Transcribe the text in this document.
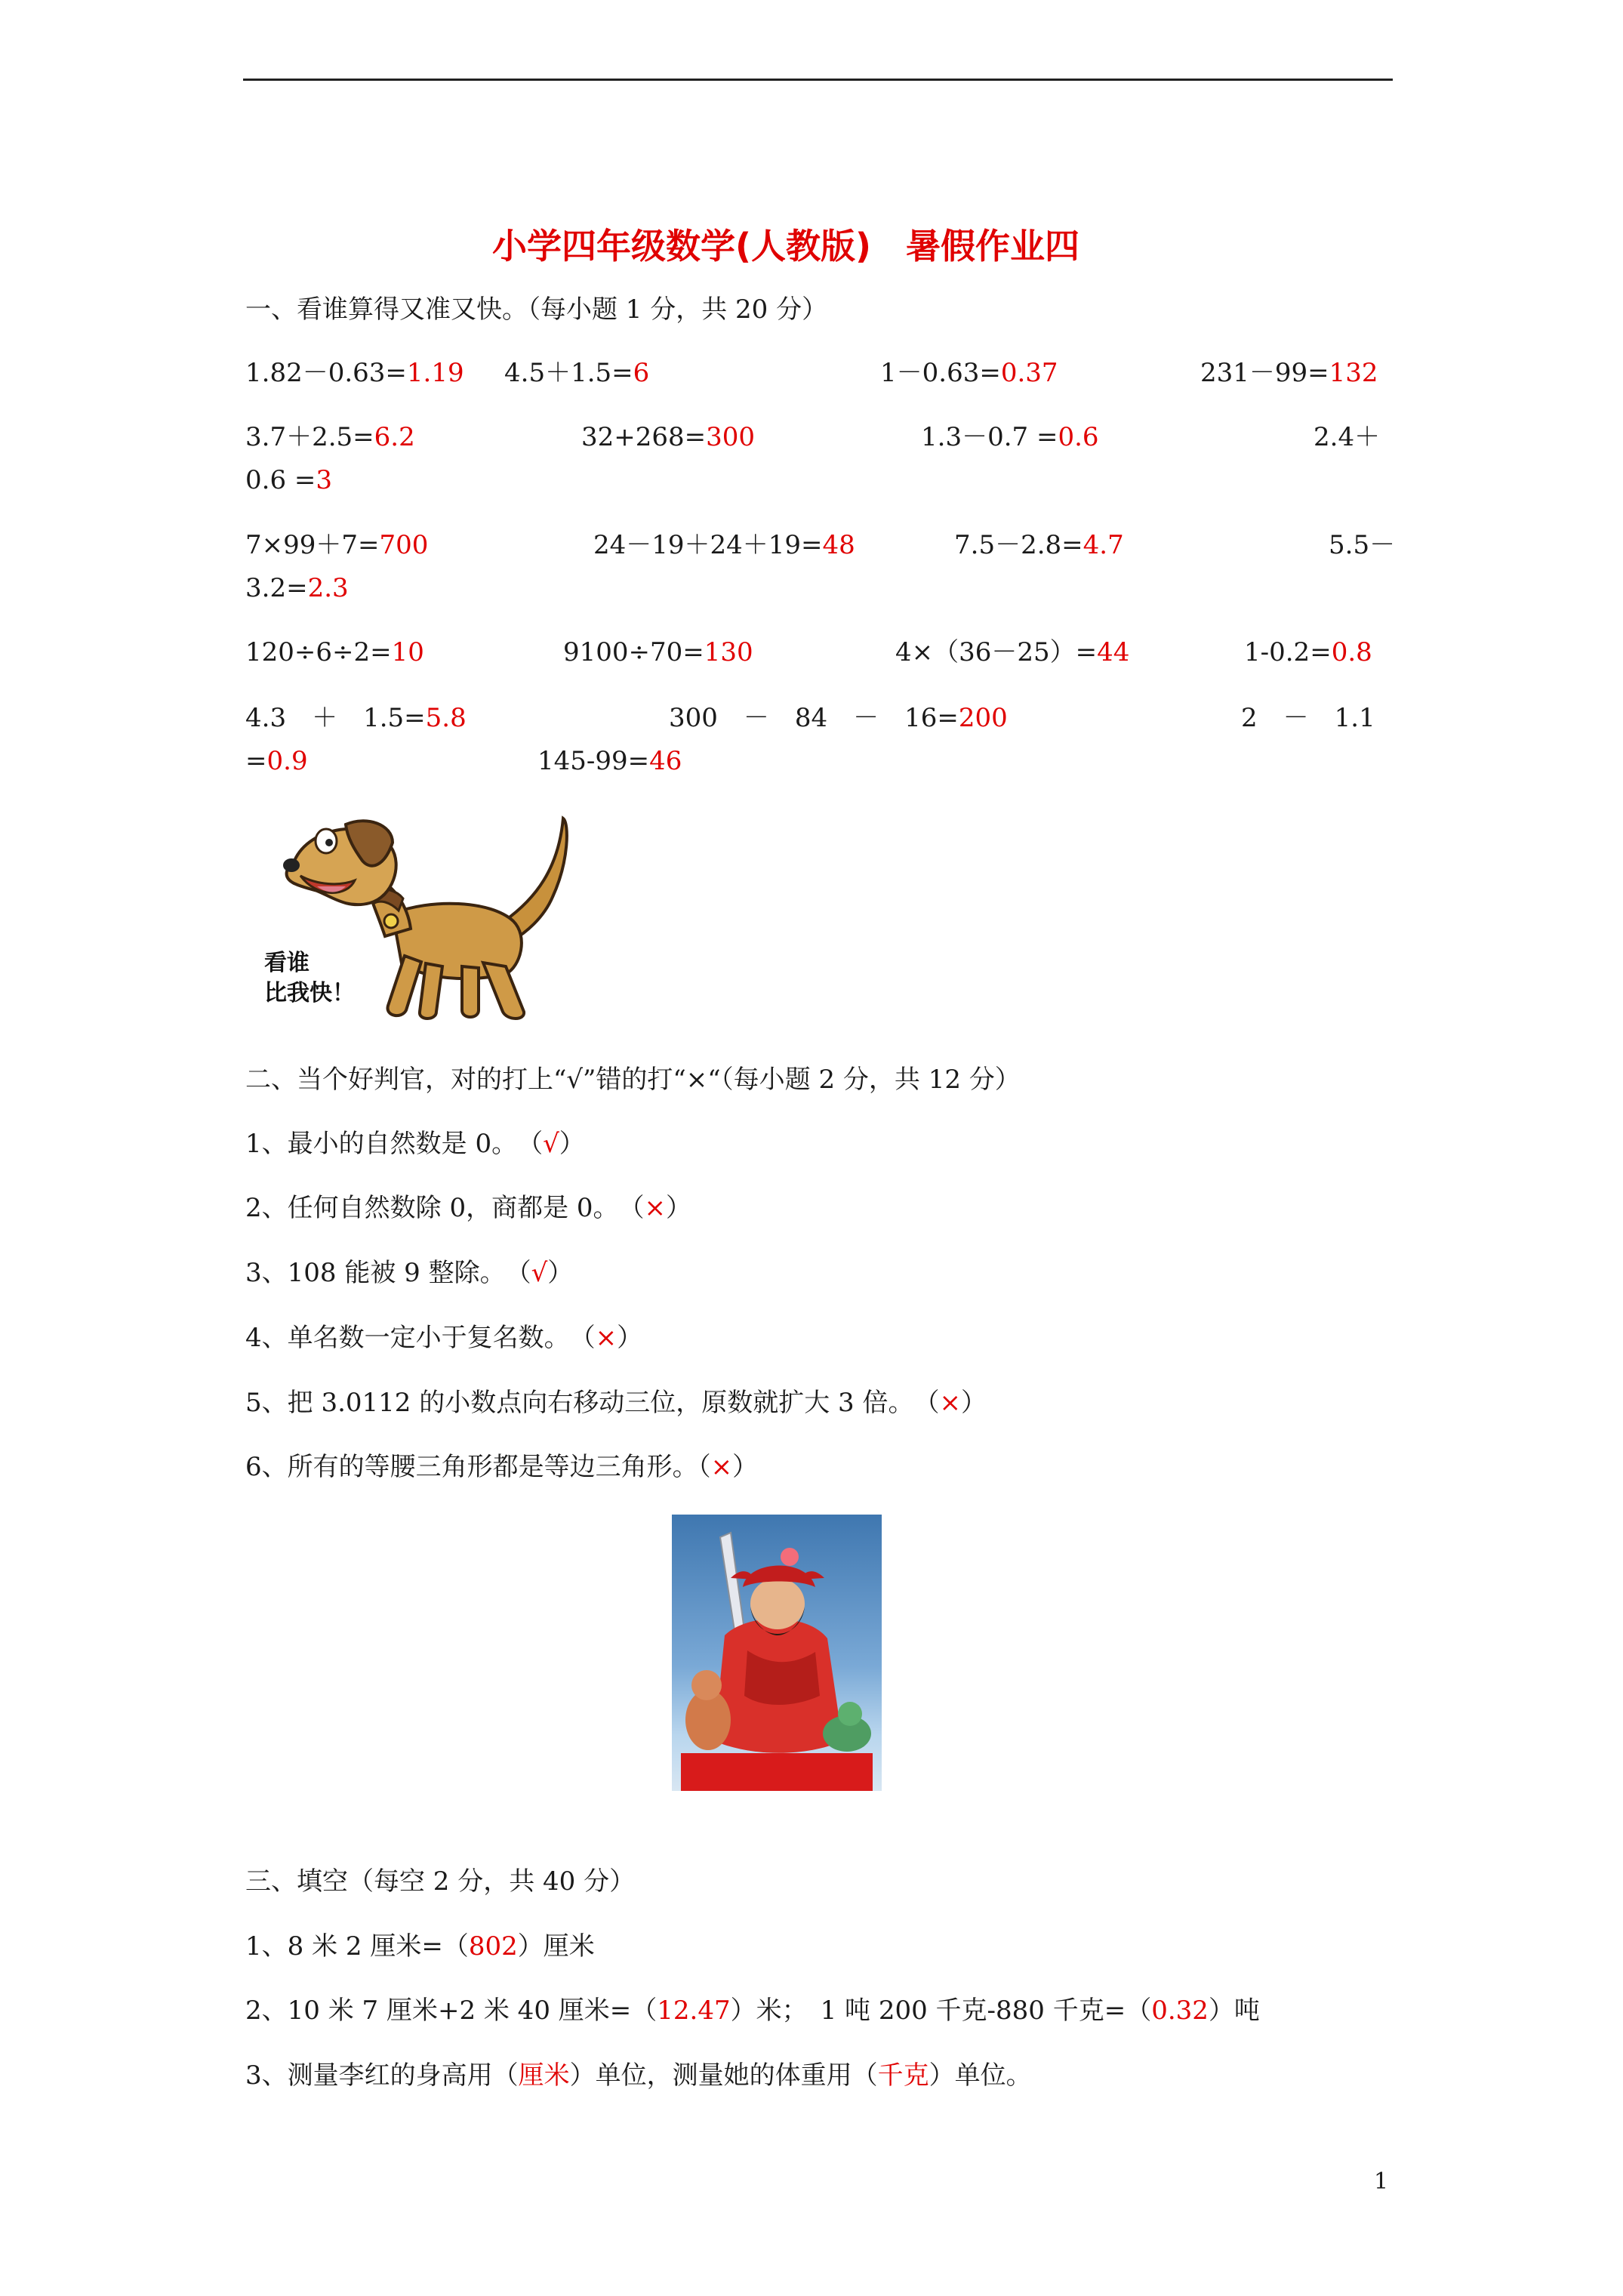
小学四年级数学(人教版)　暑假作业四
一、看谁算得又准又快。（每小题 1 分，共 20 分）
1.82－0.63=1.19 4.5＋1.5=6	1－0.63=0.37	231－99=132
3.7＋2.5=6.2	32+268=300	1.3－0.7 =0.6	2.4＋
0.6 =3
7×99＋7=700	24－19＋24＋19=48	7.5－2.8=4.7	5.5－
3.2=2.3
120÷6÷2=10	9100÷70=130	4×（36－25）=44	1-0.2=0.8
4.3　＋　1.5=5.8	300　－　84　－　16=200	2　－　1.1
=0.9	145-99=46
看谁
比我快！
二、当个好判官，对的打上“√”错的打“×“（每小题 2 分，共 12 分）
1、最小的自然数是 0。　（√）
2、任何自然数除 0，商都是 0。　（×）
3、108 能被 9 整除。　（√）
4、单名数一定小于复名数。　（×）
5、把 3.0112 的小数点向右移动三位，原数就扩大 3 倍。　（×）
6、所有的等腰三角形都是等边三角形。（×）
三、填空（每空 2 分，共 40 分）
1、8 米 2 厘米=（802）厘米
2、10 米 7 厘米+2 米 40 厘米=（12.47）米；　1 吨 200 千克-880 千克=（0.32）吨
3、测量李红的身高用（厘米）单位，测量她的体重用（千克）单位。
1
